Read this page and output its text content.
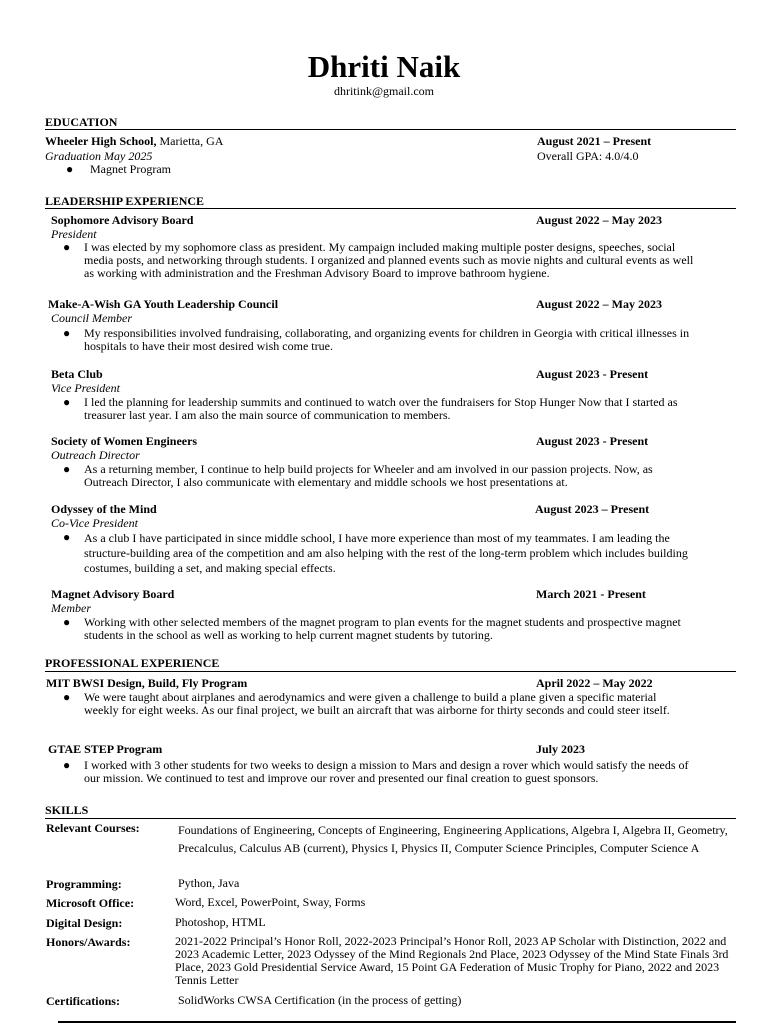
Dhriti Naik
dhritink@gmail.com
EDUCATION
Wheeler High School, Marietta, GA	August 2021 – Present
Graduation May 2025	Overall GPA: 4.0/4.0
● Magnet Program
LEADERSHIP EXPERIENCE
Sophomore Advisory Board	August 2022 – May 2023
President
● I was elected by my sophomore class as president. My campaign included making multiple poster designs, speeches, social media posts, and networking through students. I organized and planned events such as movie nights and cultural events as well as working with administration and the Freshman Advisory Board to improve bathroom hygiene.
Make-A-Wish GA Youth Leadership Council	August 2022 – May 2023
Council Member
● My responsibilities involved fundraising, collaborating, and organizing events for children in Georgia with critical illnesses in hospitals to have their most desired wish come true.
Beta Club	August 2023 - Present
Vice President
● I led the planning for leadership summits and continued to watch over the fundraisers for Stop Hunger Now that I started as treasurer last year. I am also the main source of communication to members.
Society of Women Engineers	August 2023 - Present
Outreach Director
● As a returning member, I continue to help build projects for Wheeler and am involved in our passion projects. Now, as Outreach Director, I also communicate with elementary and middle schools we host presentations at.
Odyssey of the Mind	August 2023 – Present
Co-Vice President
● As a club I have participated in since middle school, I have more experience than most of my teammates. I am leading the structure-building area of the competition and am also helping with the rest of the long-term problem which includes building costumes, building a set, and making special effects.
Magnet Advisory Board	March 2021 - Present
Member
● Working with other selected members of the magnet program to plan events for the magnet students and prospective magnet students in the school as well as working to help current magnet students by tutoring.
PROFESSIONAL EXPERIENCE
MIT BWSI Design, Build, Fly Program	April 2022 – May 2022
● We were taught about airplanes and aerodynamics and were given a challenge to build a plane given a specific material weekly for eight weeks. As our final project, we built an aircraft that was airborne for thirty seconds and could steer itself.
GTAE STEP Program	July 2023
● I worked with 3 other students for two weeks to design a mission to Mars and design a rover which would satisfy the needs of our mission. We continued to test and improve our rover and presented our final creation to guest sponsors.
SKILLS
Relevant Courses:	Foundations of Engineering, Concepts of Engineering, Engineering Applications, Algebra I, Algebra II, Geometry, Precalculus, Calculus AB (current), Physics I, Physics II, Computer Science Principles, Computer Science A
Programming:	Python, Java
Microsoft Office:	Word, Excel, PowerPoint, Sway, Forms
Digital Design:	Photoshop, HTML
Honors/Awards:	2021-2022 Principal’s Honor Roll, 2022-2023 Principal’s Honor Roll, 2023 AP Scholar with Distinction, 2022 and 2023 Academic Letter, 2023 Odyssey of the Mind Regionals 2nd Place, 2023 Odyssey of the Mind State Finals 3rd Place, 2023 Gold Presidential Service Award, 15 Point GA Federation of Music Trophy for Piano, 2022 and 2023 Tennis Letter
Certifications:	SolidWorks CWSA Certification (in the process of getting)
